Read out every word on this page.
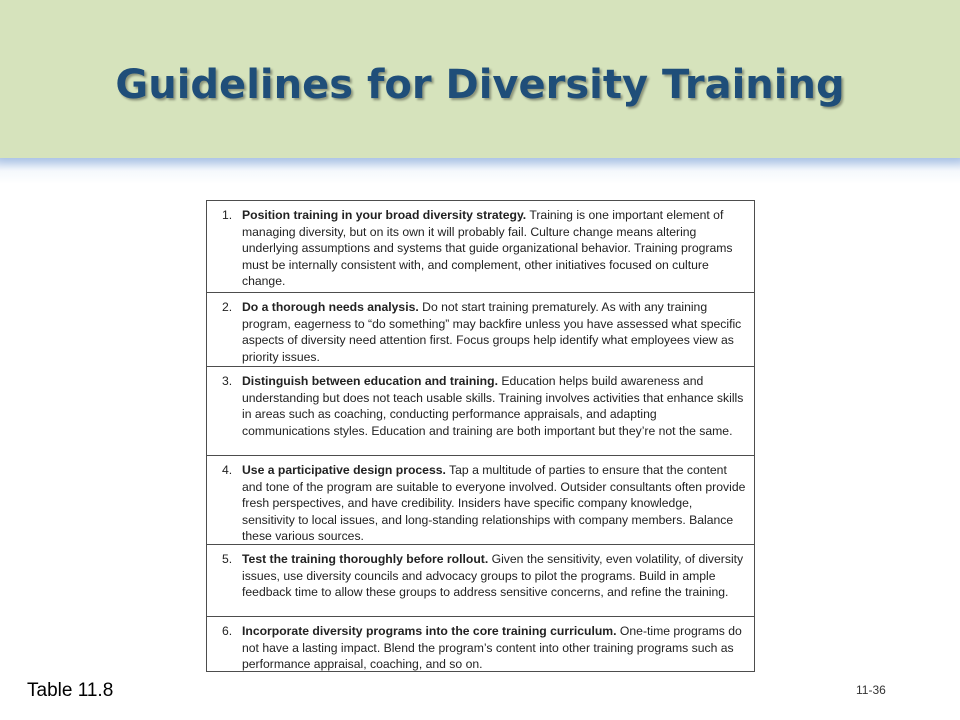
Guidelines for Diversity Training
1. Position training in your broad diversity strategy. Training is one important element of managing diversity, but on its own it will probably fail. Culture change means altering underlying assumptions and systems that guide organizational behavior. Training programs must be internally consistent with, and complement, other initiatives focused on culture change.
2. Do a thorough needs analysis. Do not start training prematurely. As with any training program, eagerness to “do something” may backfire unless you have assessed what specific aspects of diversity need attention first. Focus groups help identify what employees view as priority issues.
3. Distinguish between education and training. Education helps build awareness and understanding but does not teach usable skills. Training involves activities that enhance skills in areas such as coaching, conducting performance appraisals, and adapting communications styles. Education and training are both important but they’re not the same.
4. Use a participative design process. Tap a multitude of parties to ensure that the content and tone of the program are suitable to everyone involved. Outsider consultants often provide fresh perspectives, and have credibility. Insiders have specific company knowledge, sensitivity to local issues, and long-standing relationships with company members. Balance these various sources.
5. Test the training thoroughly before rollout. Given the sensitivity, even volatility, of diversity issues, use diversity councils and advocacy groups to pilot the programs. Build in ample feedback time to allow these groups to address sensitive concerns, and refine the training.
6. Incorporate diversity programs into the core training curriculum. One-time programs do not have a lasting impact. Blend the program’s content into other training programs such as performance appraisal, coaching, and so on.
Table 11.8	11-36
